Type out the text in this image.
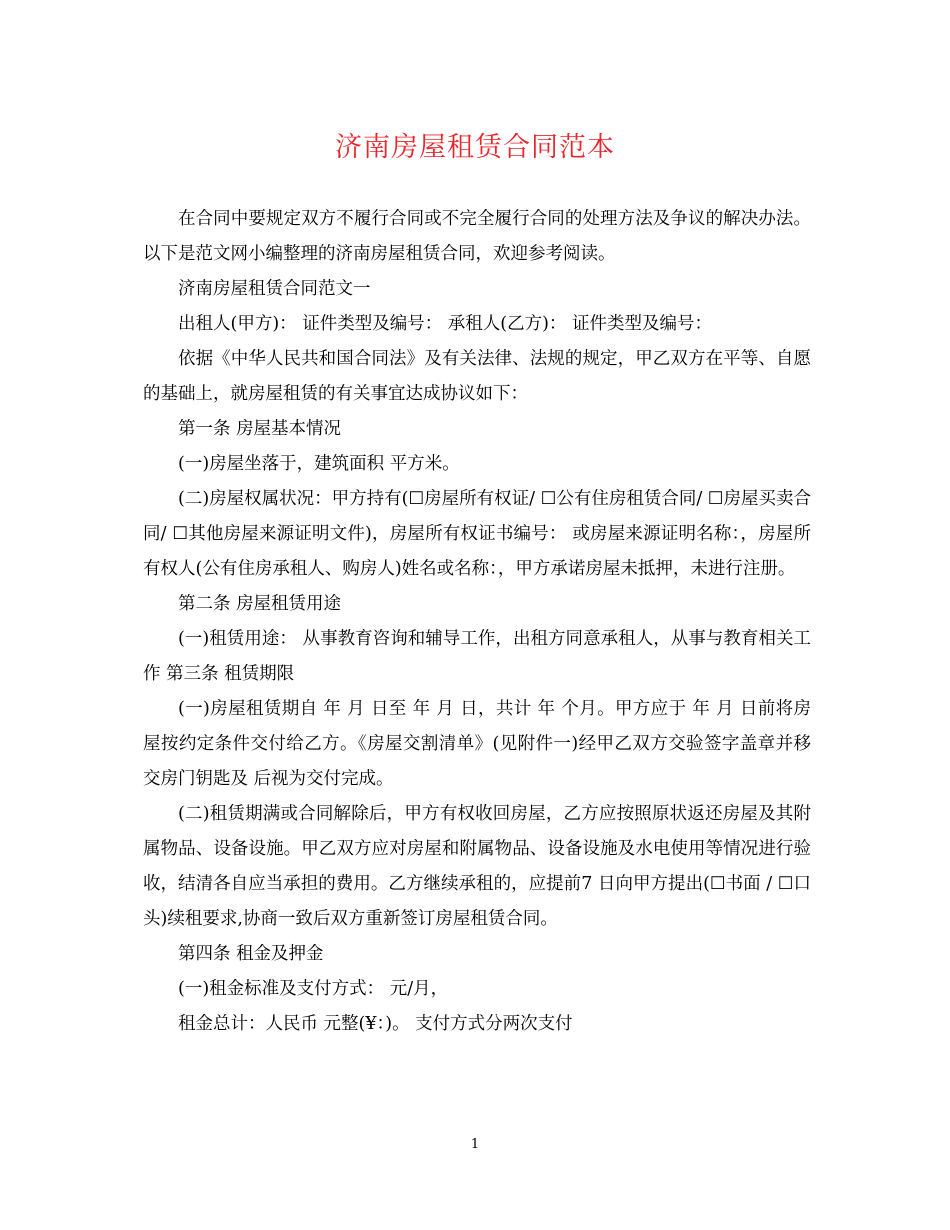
济南房屋租赁合同范本

在合同中要规定双方不履行合同或不完全履行合同的处理方法及争议的解决办法。以下是范文网小编整理的济南房屋租赁合同，欢迎参考阅读。

济南房屋租赁合同范文一

出租人(甲方)： 证件类型及编号： 承租人(乙方)： 证件类型及编号：

依据《中华人民共和国合同法》及有关法律、法规的规定，甲乙双方在平等、自愿的基础上，就房屋租赁的有关事宜达成协议如下：

第一条 房屋基本情况

(一)房屋坐落于，建筑面积 平方米。

(二)房屋权属状况：甲方持有(☐房屋所有权证/ ☐公有住房租赁合同/ ☐房屋买卖合同/ ☐其他房屋来源证明文件)，房屋所有权证书编号： 或房屋来源证明名称：，房屋所有权人(公有住房承租人、购房人)姓名或名称：，甲方承诺房屋未抵押，未进行注册。

第二条 房屋租赁用途

(一)租赁用途： 从事教育咨询和辅导工作，出租方同意承租人，从事与教育相关工作 第三条 租赁期限

(一)房屋租赁期自 年 月 日至 年 月 日，共计 年 个月。甲方应于 年 月 日前将房屋按约定条件交付给乙方。《房屋交割清单》(见附件一)经甲乙双方交验签字盖章并移交房门钥匙及 后视为交付完成。

(二)租赁期满或合同解除后，甲方有权收回房屋，乙方应按照原状返还房屋及其附属物品、设备设施。甲乙双方应对房屋和附属物品、设备设施及水电使用等情况进行验收，结清各自应当承担的费用。乙方继续承租的，应提前7 日向甲方提出(☐书面 / ☐口头)续租要求,协商一致后双方重新签订房屋租赁合同。

第四条 租金及押金

(一)租金标准及支付方式： 元/月，

租金总计：人民币 元整(¥：)。 支付方式分两次支付

1
